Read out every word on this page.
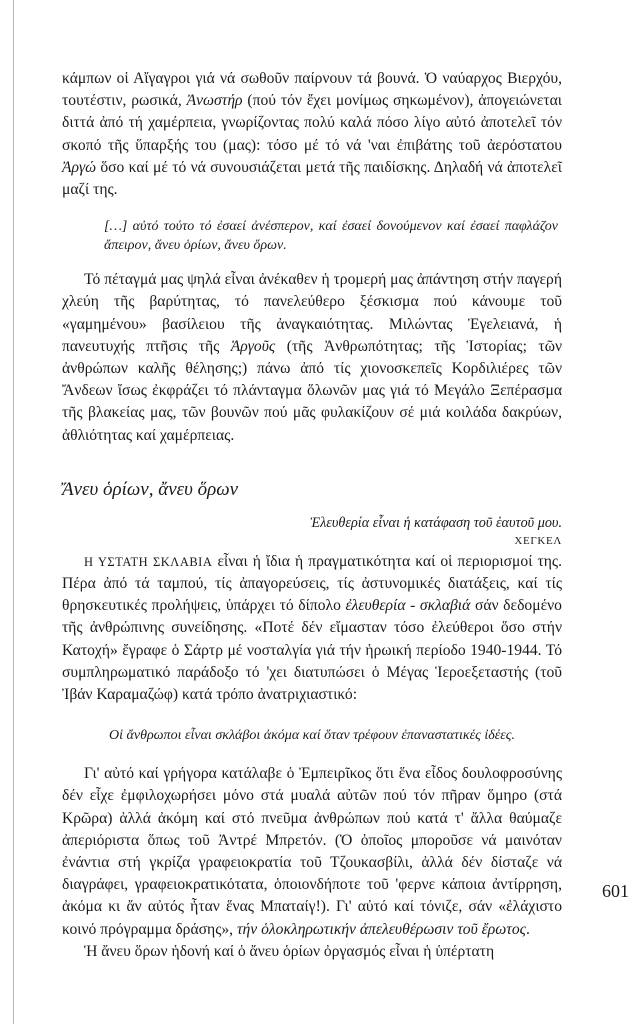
κάμπων οἱ Αἴγαγροι γιά νά σωθοῦν παίρνουν τά βουνά. Ὁ ναύαρχος Βιερχόυ, τουτέστιν, ρωσικά, Ἀνωστήρ (πού τόν ἔχει μονίμως σηκωμένον), ἀπογειώνεται διττά ἀπό τή χαμέρπεια, γνωρίζοντας πολύ καλά πόσο λίγο αὐτό ἀποτελεῖ τόν σκοπό τῆς ὕπαρξής του (μας): τόσο μέ τό νά 'ναι ἐπιβάτης τοῦ ἀερόστατου Ἀργώ ὅσο καί μέ τό νά συνουσιάζεται μετά τῆς παιδίσκης. Δηλαδή νά ἀποτελεῖ μαζί της.

[…] αὐτό τούτο τό ἐσαεί ἀνέσπερον, καί ἐσαεί δονούμενον καί ἐσαεί παφλάζον ἄπειρον, ἄνευ ὁρίων, ἄνευ ὅρων.

Τό πέταγμά μας ψηλά εἶναι ἀνέκαθεν ἡ τρομερή μας ἀπάντηση στήν παγερή χλεύη τῆς βαρύτητας, τό πανελεύθερο ξέσκισμα πού κάνουμε τοῦ «γαμημένου» βασίλειου τῆς ἀναγκαιότητας. Μιλώντας Ἐγελειανά, ἡ πανευτυχής πτῆσις τῆς Ἀργοῦς (τῆς Ἀνθρωπότητας; τῆς Ἱστορίας; τῶν ἀνθρώπων καλῆς θέλησης;) πάνω ἀπό τίς χιονοσκεπεῖς Κορδιλιέρες τῶν Ἄνδεων ἴσως ἐκφράζει τό πλάνταγμα ὅλωνῶν μας γιά τό Μεγάλο Ξεπέρασμα τῆς βλακείας μας, τῶν βουνῶν πού μᾶς φυλακίζουν σέ μιά κοιλάδα δακρύων, ἀθλιότητας καί χαμέρπειας.

Ἄνευ ὁρίων, ἄνευ ὅρων

Ἐλευθερία εἶναι ἡ κατάφαση τοῦ ἑαυτοῦ μου.

ΧΕΓΚΕΛ

Η ΥΣΤΑΤΗ ΣΚΛΑΒΙΑ εἶναι ἡ ἴδια ἡ πραγματικότητα καί οἱ περιορισμοί της. Πέρα ἀπό τά ταμπού, τίς ἀπαγορεύσεις, τίς ἀστυνομικές διατάξεις, καί τίς θρησκευτικές προλήψεις, ὑπάρχει τό δίπολο ἐλευθερία - σκλαβιά σάν δεδομένο τῆς ἀνθρώπινης συνείδησης. «Ποτέ δέν εἴμασταν τόσο ἐλεύθεροι ὅσο στήν Κατοχή» ἔγραφε ὁ Σάρτρ μέ νοσταλγία γιά τήν ἡρωική περίοδο 1940-1944. Τό συμπληρωματικό παράδοξο τό 'χει διατυπώσει ὁ Μέγας Ἱεροεξεταστής (τοῦ Ἰβάν Καραμαζώφ) κατά τρόπο ἀνατριχιαστικό:

Οἱ ἄνθρωποι εἶναι σκλάβοι ἀκόμα καί ὅταν τρέφουν ἐπαναστατικές ἰδέες.

Γι' αὐτό καί γρήγορα κατάλαβε ὁ Ἐμπειρῖκος ὅτι ἕνα εἶδος δουλοφροσύνης δέν εἶχε ἐμφιλοχωρήσει μόνο στά μυαλά αὐτῶν πού τόν πῆραν ὅμηρο (στά Κρῶρα) ἀλλά ἀκόμη καί στό πνεῦμα ἀνθρώπων πού κατά τ' ἄλλα θαύμαζε ἀπεριόριστα ὅπως τοῦ Ἀντρέ Μπρετόν. (Ὁ ὁποῖος μποροῦσε νά μαινόταν ἐνάντια στή γκρίζα γραφειοκρατία τοῦ Τζουκασβίλι, ἀλλά δέν δίσταζε νά διαγράφει, γραφειοκρατικότατα, ὁποιονδήποτε τοῦ 'φερνε κάποια ἀντίρρηση, ἀκόμα κι ἄν αὐτός ἦταν ἕνας Μπαταίγ!). Γι' αὐτό καί τόνιζε, σάν «ἐλάχιστο κοινό πρόγραμμα δράσης», τήν ὁλοκληρωτικήν ἀπελευθέρωσιν τοῦ ἔρωτος.

Ἡ ἄνευ ὅρων ἡδονή καί ὁ ἄνευ ὁρίων ὀργασμός εἶναι ἡ ὑπέρτατη

601
